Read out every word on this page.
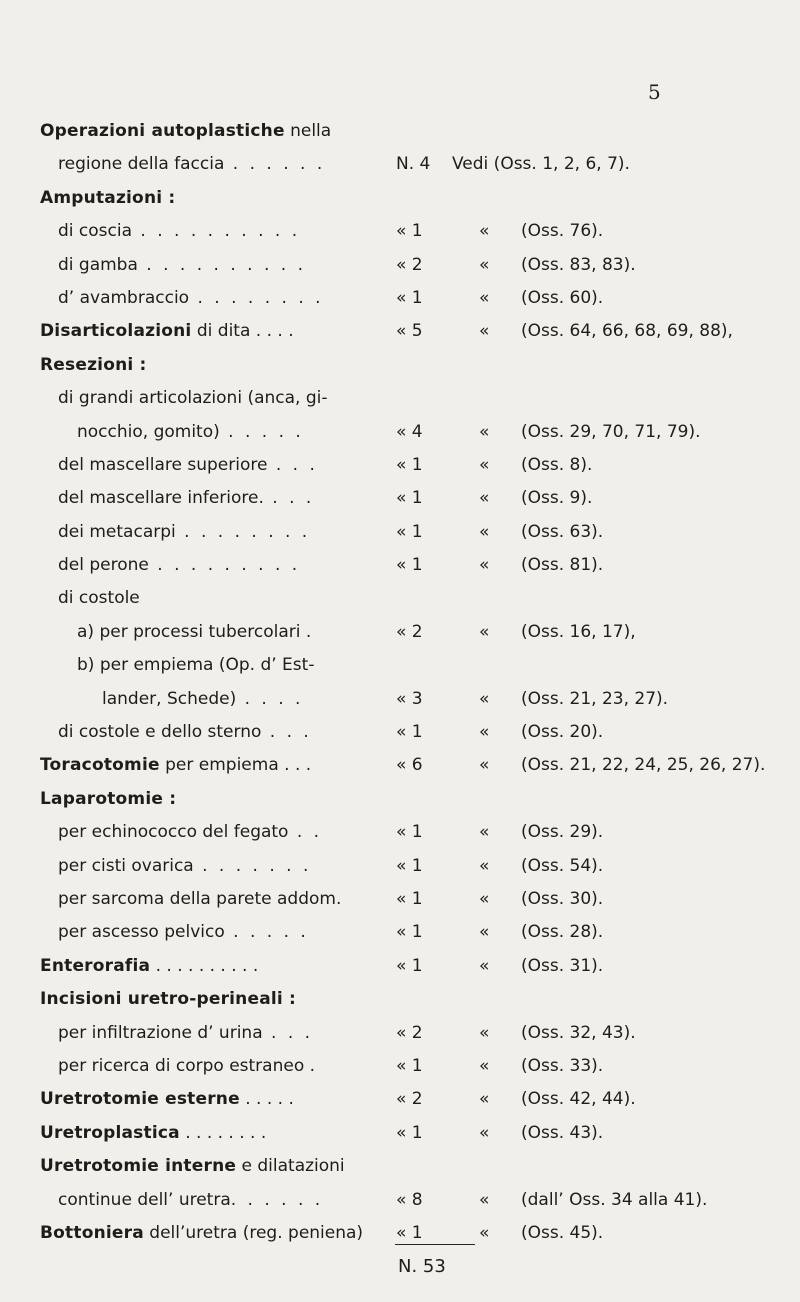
5
Operazioni autoplastiche nella
regione della faccia . . . . . .	N. 4 Vedi (Oss. 1, 2, 6, 7).
Amputazioni :
di coscia . . . . . . . . . .	« 1	« (Oss. 76).
di gamba . . . . . . . . . .	« 2	« (Oss. 83, 83).
d’ avambraccio . . . . . . . .	« 1	« (Oss. 60).
Disarticolazioni di dita . . . .	« 5	« (Oss. 64, 66, 68, 69, 88),
Resezioni :
di grandi articolazioni (anca, gi-
nocchio, gomito) . . . . .	« 4	« (Oss. 29, 70, 71, 79).
del mascellare superiore . . .	« 1	« (Oss. 8).
del mascellare inferiore. . . .	« 1	« (Oss. 9).
dei metacarpi . . . . . . . .	« 1	« (Oss. 63).
del perone . . . . . . . . .	« 1	« (Oss. 81).
di costole
a) per processi tubercolari .	« 2	« (Oss. 16, 17),
b) per empiema (Op. d’ Est-
lander, Schede) . . . .	« 3	« (Oss. 21, 23, 27).
di costole e dello sterno . . .	« 1	« (Oss. 20).
Toracotomie per empiema . . .	« 6	« (Oss. 21, 22, 24, 25, 26, 27).
Laparotomie :
per echinococco del fegato . .	« 1	« (Oss. 29).
per cisti ovarica . . . . . . .	« 1	« (Oss. 54).
per sarcoma della parete addom.	« 1	« (Oss. 30).
per ascesso pelvico . . . . .	« 1	« (Oss. 28).
Enterorafia . . . . . . . . . .	« 1	« (Oss. 31).
Incisioni uretro-perineali :
per infiltrazione d’ urina . . .	« 2	« (Oss. 32, 43).
per ricerca di corpo estraneo .	« 1	« (Oss. 33).
Uretrotomie esterne . . . . .	« 2	« (Oss. 42, 44).
Uretroplastica . . . . . . . .	« 1	« (Oss. 43).
Uretrotomie interne e dilatazioni
continue dell’ uretra. . . . . .	« 8	« (dall’ Oss. 34 alla 41).
Bottoniera dell’uretra (reg. peniena) « 1	« (Oss. 45).
N. 53
